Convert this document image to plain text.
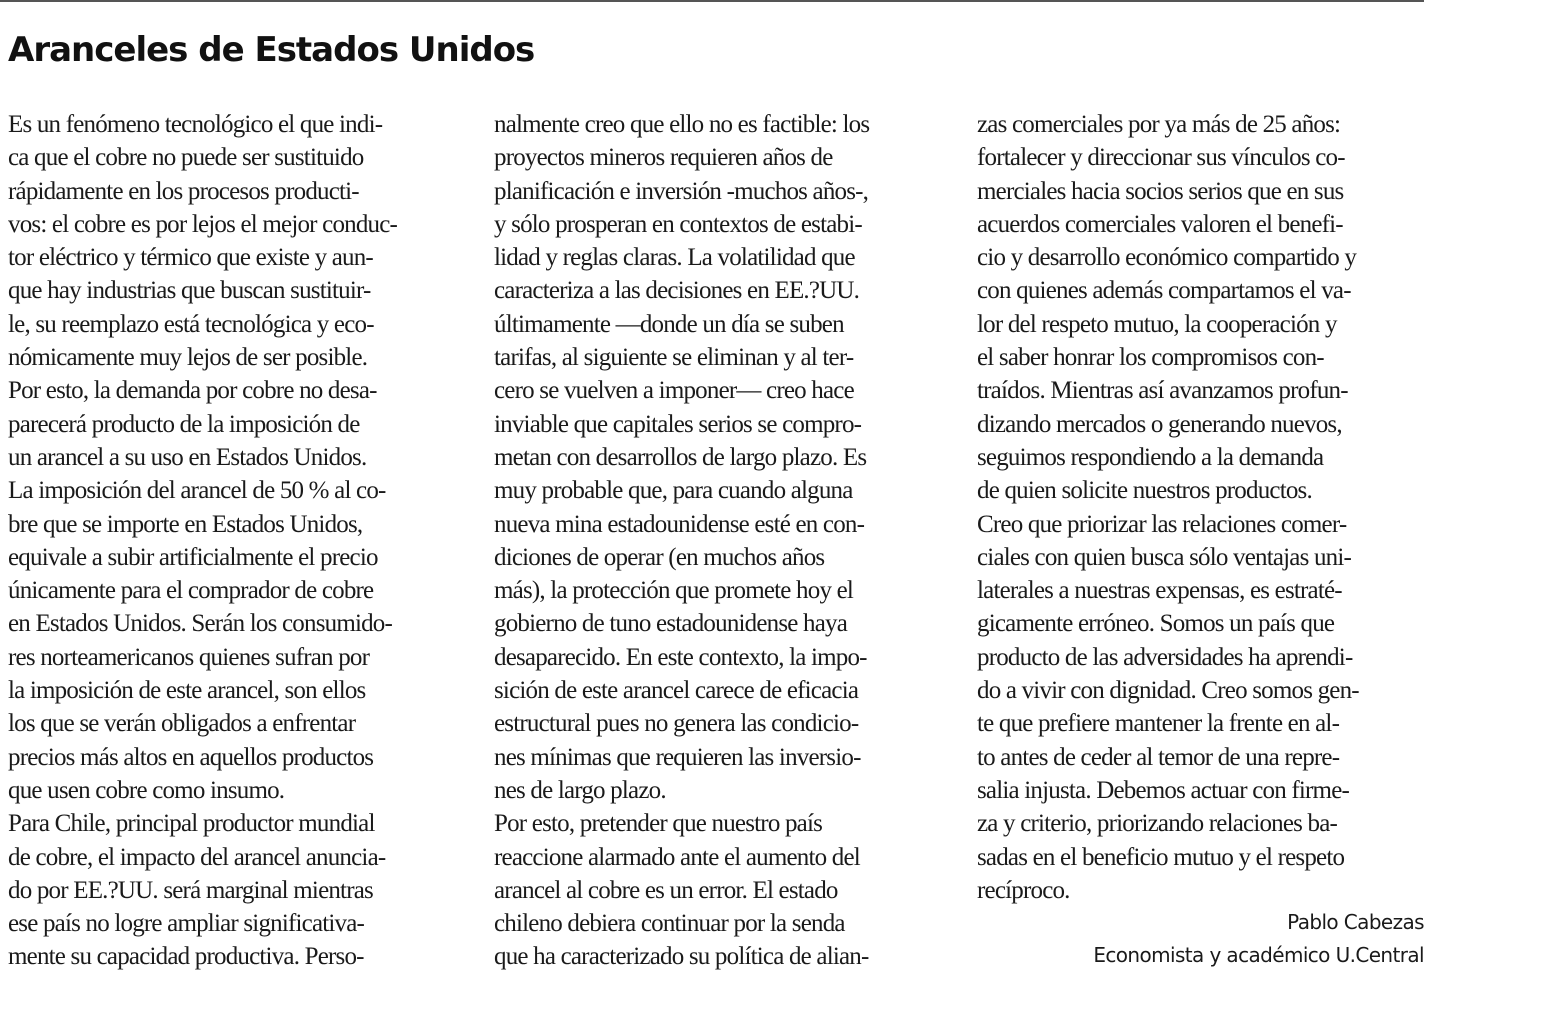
Aranceles de Estados Unidos
Es un fenómeno tecnológico el que indi-
ca que el cobre no puede ser sustituido
rápidamente en los procesos producti-
vos: el cobre es por lejos el mejor conduc-
tor eléctrico y térmico que existe y aun-
que hay industrias que buscan sustituir-
le, su reemplazo está tecnológica y eco-
nómicamente muy lejos de ser posible.
Por esto, la demanda por cobre no desa-
parecerá producto de la imposición de
un arancel a su uso en Estados Unidos.
La imposición del arancel de 50 % al co-
bre que se importe en Estados Unidos,
equivale a subir artificialmente el precio
únicamente para el comprador de cobre
en Estados Unidos. Serán los consumido-
res norteamericanos quienes sufran por
la imposición de este arancel, son ellos
los que se verán obligados a enfrentar
precios más altos en aquellos productos
que usen cobre como insumo.
Para Chile, principal productor mundial
de cobre, el impacto del arancel anuncia-
do por EE.?UU. será marginal mientras
ese país no logre ampliar significativa-
mente su capacidad productiva. Perso-
nalmente creo que ello no es factible: los
proyectos mineros requieren años de
planificación e inversión -muchos años-,
y sólo prosperan en contextos de estabi-
lidad y reglas claras. La volatilidad que
caracteriza a las decisiones en EE.?UU.
últimamente —donde un día se suben
tarifas, al siguiente se eliminan y al ter-
cero se vuelven a imponer— creo hace
inviable que capitales serios se compro-
metan con desarrollos de largo plazo. Es
muy probable que, para cuando alguna
nueva mina estadounidense esté en con-
diciones de operar (en muchos años
más), la protección que promete hoy el
gobierno de tuno estadounidense haya
desaparecido. En este contexto, la impo-
sición de este arancel carece de eficacia
estructural pues no genera las condicio-
nes mínimas que requieren las inversio-
nes de largo plazo.
Por esto, pretender que nuestro país
reaccione alarmado ante el aumento del
arancel al cobre es un error. El estado
chileno debiera continuar por la senda
que ha caracterizado su política de alian-
zas comerciales por ya más de 25 años:
fortalecer y direccionar sus vínculos co-
merciales hacia socios serios que en sus
acuerdos comerciales valoren el benefi-
cio y desarrollo económico compartido y
con quienes además compartamos el va-
lor del respeto mutuo, la cooperación y
el saber honrar los compromisos con-
traídos. Mientras así avanzamos profun-
dizando mercados o generando nuevos,
seguimos respondiendo a la demanda
de quien solicite nuestros productos.
Creo que priorizar las relaciones comer-
ciales con quien busca sólo ventajas uni-
laterales a nuestras expensas, es estraté-
gicamente erróneo. Somos un país que
producto de las adversidades ha aprendi-
do a vivir con dignidad. Creo somos gen-
te que prefiere mantener la frente en al-
to antes de ceder al temor de una repre-
salia injusta. Debemos actuar con firme-
za y criterio, priorizando relaciones ba-
sadas en el beneficio mutuo y el respeto
recíproco.
Pablo Cabezas
Economista y académico U.Central
